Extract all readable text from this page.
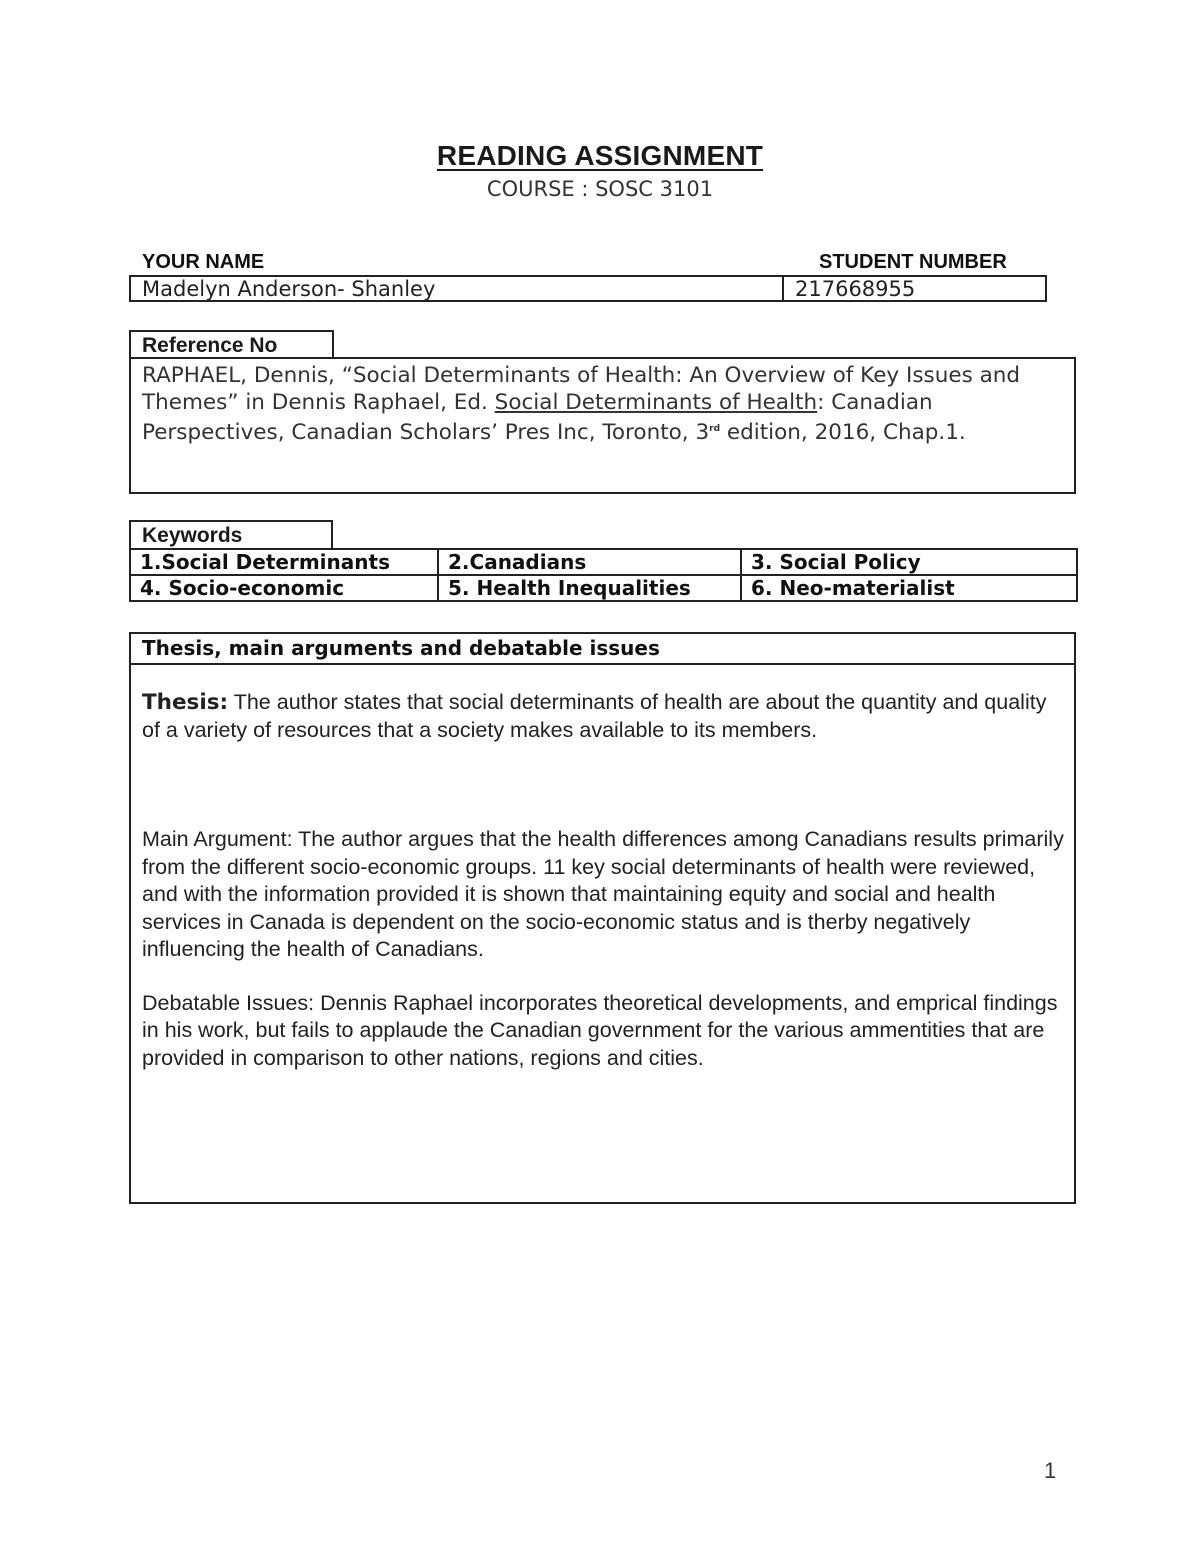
READING ASSIGNMENT
COURSE : SOSC 3101
YOUR NAME	STUDENT NUMBER
Madelyn Anderson- Shanley	217668955
Reference No
RAPHAEL, Dennis, “Social Determinants of Health: An Overview of Key Issues and Themes” in Dennis Raphael, Ed. Social Determinants of Health: Canadian Perspectives, Canadian Scholars’ Pres Inc, Toronto, 3rd edition, 2016, Chap.1.
Keywords
1.Social Determinants	2.Canadians	3. Social Policy
4. Socio-economic	5. Health Inequalities	6. Neo-materialist
Thesis, main arguments and debatable issues

Thesis: The author states that social determinants of health are about the quantity and quality of a variety of resources that a society makes available to its members.

Main Argument: The author argues that the health differences among Canadians results primarily from the different socio-economic groups. 11 key social determinants of health were reviewed, and with the information provided it is shown that maintaining equity and social and health services in Canada is dependent on the socio-economic status and is therby negatively influencing the health of Canadians.

Debatable Issues: Dennis Raphael incorporates theoretical developments, and emprical findings in his work, but fails to applaude the Canadian government for the various ammentities that are provided in comparison to other nations, regions and cities.

1
